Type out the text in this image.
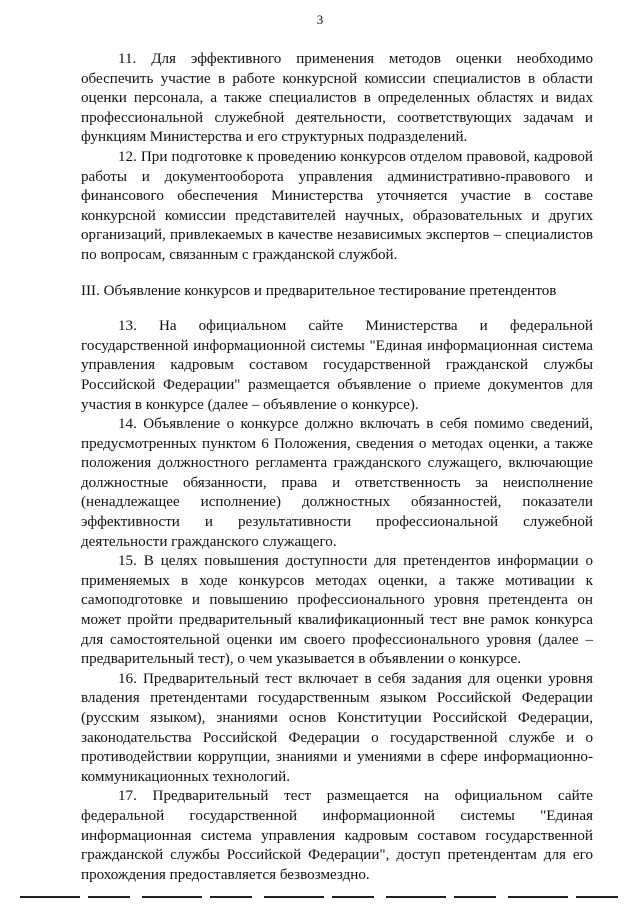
3

11. Для эффективного применения методов оценки необходимо обеспечить участие в работе конкурсной комиссии специалистов в области оценки персонала, а также специалистов в определенных областях и видах профессиональной служебной деятельности, соответствующих задачам и функциям Министерства и его структурных подразделений.

12. При подготовке к проведению конкурсов отделом правовой, кадровой работы и документооборота управления административно-правового и финансового обеспечения Министерства уточняется участие в составе конкурсной комиссии представителей научных, образовательных и других организаций, привлекаемых в качестве независимых экспертов – специалистов по вопросам, связанным с гражданской службой.

III. Объявление конкурсов и предварительное тестирование претендентов

13. На официальном сайте Министерства и федеральной государственной информационной системы "Единая информационная система управления кадровым составом государственной гражданской службы Российской Федерации" размещается объявление о приеме документов для участия в конкурсе (далее – объявление о конкурсе).

14. Объявление о конкурсе должно включать в себя помимо сведений, предусмотренных пунктом 6 Положения, сведения о методах оценки, а также положения должностного регламента гражданского служащего, включающие должностные обязанности, права и ответственность за неисполнение (ненадлежащее исполнение) должностных обязанностей, показатели эффективности и результативности профессиональной служебной деятельности гражданского служащего.

15. В целях повышения доступности для претендентов информации о применяемых в ходе конкурсов методах оценки, а также мотивации к самоподготовке и повышению профессионального уровня претендента он может пройти предварительный квалификационный тест вне рамок конкурса для самостоятельной оценки им своего профессионального уровня (далее – предварительный тест), о чем указывается в объявлении о конкурсе.

16. Предварительный тест включает в себя задания для оценки уровня владения претендентами государственным языком Российской Федерации (русским языком), знаниями основ Конституции Российской Федерации, законодательства Российской Федерации о государственной службе и о противодействии коррупции, знаниями и умениями в сфере информационно-коммуникационных технологий.

17. Предварительный тест размещается на официальном сайте федеральной государственной информационной системы "Единая информационная система управления кадровым составом государственной гражданской службы Российской Федерации", доступ претендентам для его прохождения предоставляется безвозмездно.
